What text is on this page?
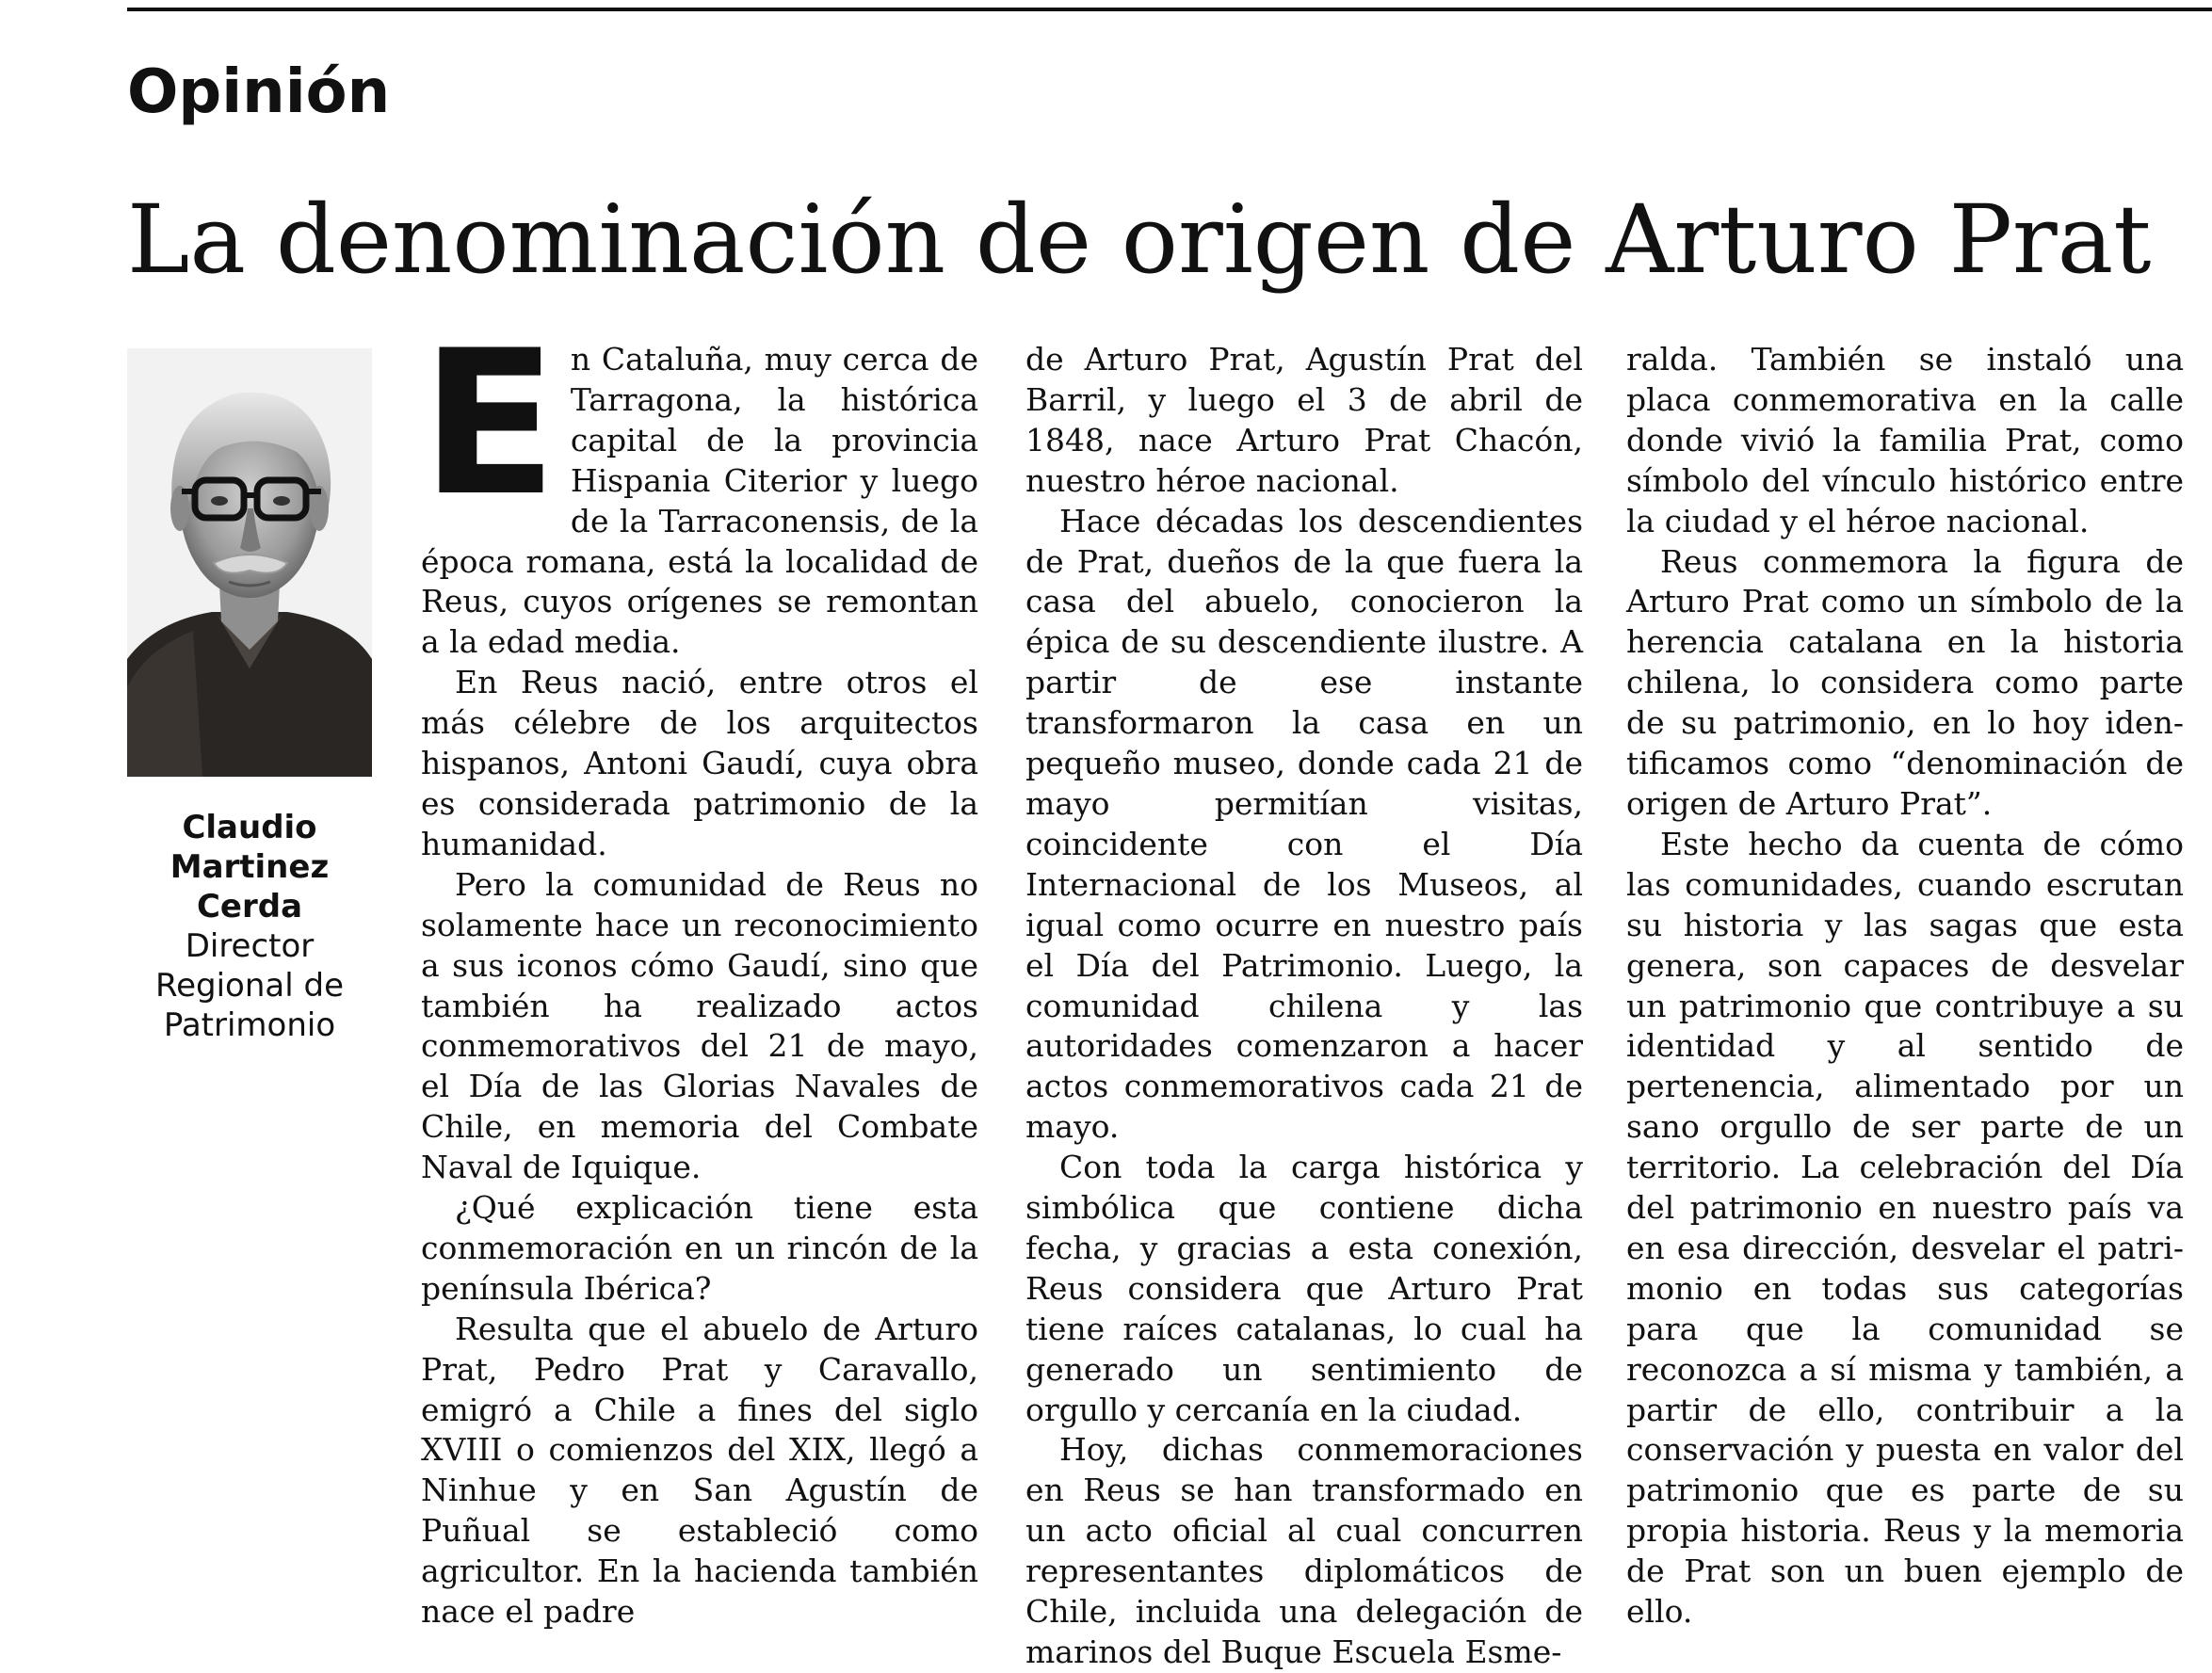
Opinión
La denominación de origen de Arturo Prat
Claudio
Martinez
Cerda
Director
Regional de
Patrimonio

En Cataluña, muy cerca de Tarragona, la histórica capital de la provincia Hispania Citerior y luego de la Tarraconensis, de la época romana, está la localidad de Reus, cuyos orígenes se remontan a la edad media.

En Reus nació, entre otros el más célebre de los arquitectos hispanos, Antoni Gaudí, cuya obra es considerada patrimonio de la humanidad.

Pero la comunidad de Reus no solamente hace un reconocimiento a sus iconos cómo Gaudí, sino que también ha realizado actos conmemorativos del 21 de mayo, el Día de las Glorias Navales de Chile, en memoria del Combate Naval de Iquique.

¿Qué explicación tiene esta conmemoración en un rincón de la península Ibérica?

Resulta que el abuelo de Arturo Prat, Pedro Prat y Caravallo, emigró a Chile a fines del siglo XVIII o comienzos del XIX, llegó a Ninhue y en San Agustín de Puñual se estableció como agricultor. En la hacienda también nace el padre

de Arturo Prat, Agustín Prat del Barril, y luego el 3 de abril de 1848, nace Arturo Prat Chacón, nuestro héroe nacional.

Hace décadas los descendientes de Prat, dueños de la que fuera la casa del abuelo, conocieron la épica de su descendiente ilustre. A partir de ese instante transformaron la casa en un pequeño museo, donde cada 21 de mayo permitían visitas, coincidente con el Día Internacional de los Museos, al igual como ocurre en nuestro país el Día del Patrimonio. Luego, la comunidad chilena y las autoridades comenzaron a hacer actos conmemorativos cada 21 de mayo.

Con toda la carga histórica y simbólica que contiene dicha fecha, y gracias a esta conexión, Reus considera que Arturo Prat tiene raíces catalanas, lo cual ha generado un sentimiento de orgullo y cercanía en la ciudad.

Hoy, dichas conmemoraciones en Reus se han transformado en un acto oficial al cual concurren representantes diplomáticos de Chile, incluida una delegación de marinos del Buque Escuela Esme-

ralda. También se instaló una placa conmemorativa en la calle donde vivió la familia Prat, como símbolo del vínculo histórico entre la ciudad y el héroe nacional.

Reus conmemora la figura de Arturo Prat como un símbolo de la herencia catalana en la historia chilena, lo considera como parte de su patrimonio, en lo hoy identificamos como “denominación de origen de Arturo Prat”.

Este hecho da cuenta de cómo las comunidades, cuando escrutan su historia y las sagas que esta genera, son capaces de desvelar un patrimonio que contribuye a su identidad y al sentido de pertenencia, alimentado por un sano orgullo de ser parte de un territorio. La celebración del Día del patrimonio en nuestro país va en esa dirección, desvelar el patrimonio en todas sus categorías para que la comunidad se reconozca a sí misma y también, a partir de ello, contribuir a la conservación y puesta en valor del patrimonio que es parte de su propia historia. Reus y la memoria de Prat son un buen ejemplo de ello.
